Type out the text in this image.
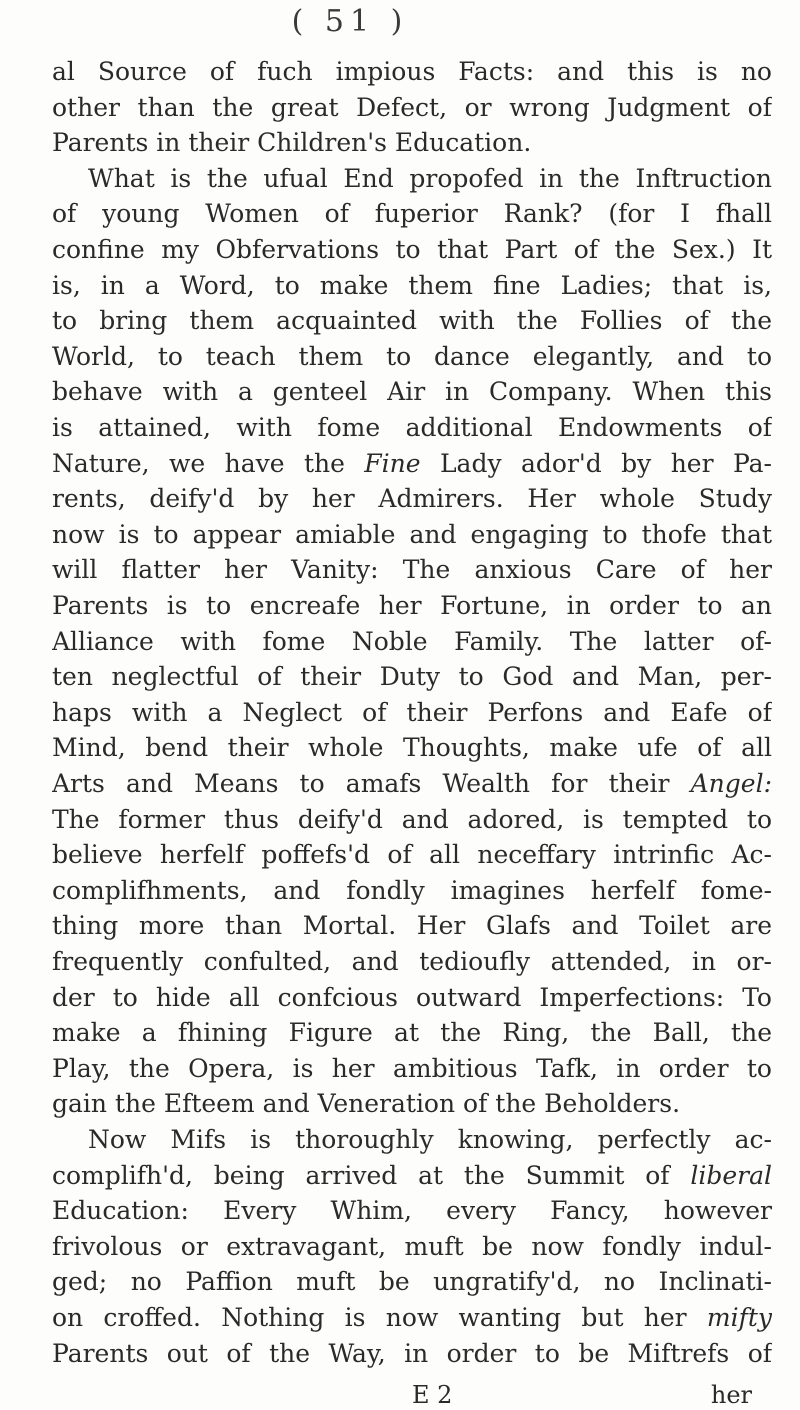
( 51 )
al Source of fuch impious Facts: and this is no
other than the great Defect, or wrong Judgment of
Parents in their Children's Education.
What is the ufual End propofed in the Inftruction
of young Women of fuperior Rank? (for I fhall
confine my Obfervations to that Part of the Sex.) It
is, in a Word, to make them fine Ladies; that is,
to bring them acquainted with the Follies of the
World, to teach them to dance elegantly, and to
behave with a genteel Air in Company. When this
is attained, with fome additional Endowments of
Nature, we have the Fine Lady ador'd by her Pa-
rents, deify'd by her Admirers. Her whole Study
now is to appear amiable and engaging to thofe that
will flatter her Vanity: The anxious Care of her
Parents is to encreafe her Fortune, in order to an
Alliance with fome Noble Family. The latter of-
ten neglectful of their Duty to God and Man, per-
haps with a Neglect of their Perfons and Eafe of
Mind, bend their whole Thoughts, make ufe of all
Arts and Means to amafs Wealth for their Angel:
The former thus deify'd and adored, is tempted to
believe herfelf poffefs'd of all neceffary intrinfic Ac-
complifhments, and fondly imagines herfelf fome-
thing more than Mortal. Her Glafs and Toilet are
frequently confulted, and tedioufly attended, in or-
der to hide all confcious outward Imperfections: To
make a fhining Figure at the Ring, the Ball, the
Play, the Opera, is her ambitious Tafk, in order to
gain the Efteem and Veneration of the Beholders.
Now Mifs is thoroughly knowing, perfectly ac-
complifh'd, being arrived at the Summit of liberal
Education: Every Whim, every Fancy, however
frivolous or extravagant, muft be now fondly indul-
ged; no Paffion muft be ungratify'd, no Inclinati-
on croffed. Nothing is now wanting but her mifty
Parents out of the Way, in order to be Miftrefs of
E 2	her
